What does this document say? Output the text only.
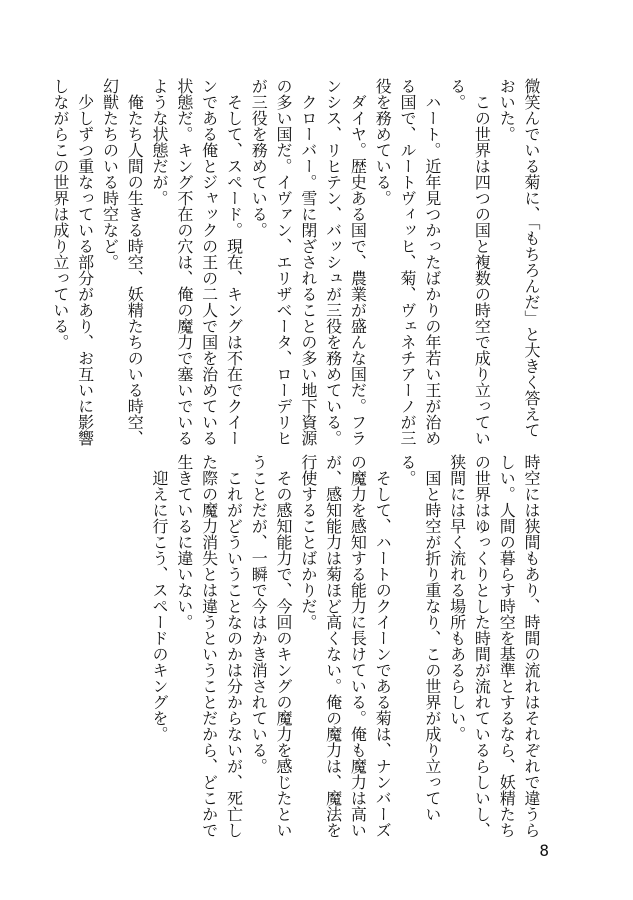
微笑んでいる菊に、「もちろんだ」と大きく答えておいた。

この世界は四つの国と複数の時空で成り立っている。

ハート。近年見つかったばかりの年若い王が治める国で、ルートヴィッヒ、菊、ヴェネチアーノが三役を務めている。

ダイヤ。歴史ある国で、農業が盛んな国だ。フランシス、リヒテン、バッシュが三役を務めている。

クローバー。雪に閉ざされることの多い地下資源の多い国だ。イヴァン、エリザベータ、ローデリヒが三役を務めている。

そして、スペード。現在、キングは不在でクイーンである俺とジャックの王の二人で国を治めている状態だ。キング不在の穴は、俺の魔力で塞いでいるような状態だが。

俺たち人間の生きる時空、妖精たちのいる時空、幻獣たちのいる時空など。

少しずつ重なっている部分があり、お互いに影響しながらこの世界は成り立っている。

時空には狭間もあり、時間の流れはそれぞれで違うらしい。人間の暮らす時空を基準とするなら、妖精たちの世界はゆっくりとした時間が流れているらしいし、狭間には早く流れる場所もあるらしい。

国と時空が折り重なり、この世界が成り立っている。

そして、ハートのクイーンである菊は、ナンバーズの魔力を感知する能力に長けている。俺も魔力は高いが、感知能力は菊ほど高くない。俺の魔力は、魔法を行使することばかりだ。

その感知能力で、今回のキングの魔力を感じたということだが、一瞬で今はかき消されている。

これがどういうことなのかは分からないが、死亡した際の魔力消失とは違うということだから、どこかで生きているに違いない。

迎えに行こう、スペードのキングを。

8
